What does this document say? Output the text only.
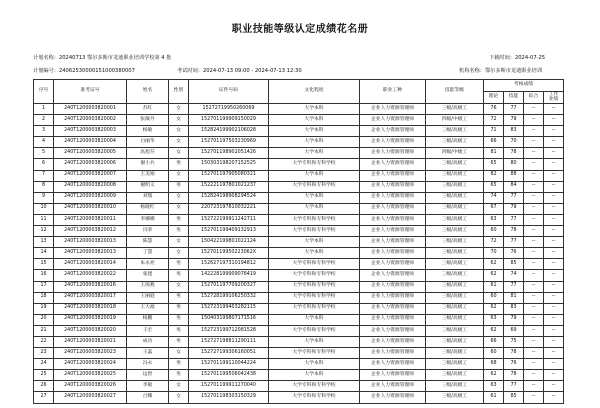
职业技能等级认定成绩花名册
计划名称：20240713 鄂尔多斯市龙迪职业培训学校第 4 批	下载时间：2024-07-25
计划编号：24062530000151000380007	考试时间：2024-07-13 09:00 - 2024-07-13 12:30	机构名称：鄂尔多斯市龙迪职业培训
序号	准考证号	姓名	性别	证件号码	文化程度	职业工种	技能等级	考核成绩			
								理论	技能	综合	工作
业绩
1	240T1200003820001	苏红	女	15272719950260069	大学本科	企业人力资源管理师	三级/高级工	76	77	--	--
2	240T1200003820002	张敏丹	女	152701199909150029	大学本科	企业人力资源管理师	四级/中级工	72	79	--	--
3	240T1200003820003	杨敏	女	152824199902106028	大学本科	企业人力资源管理师	三级/高级工	71	83	--	--
4	240T1200003820004	白丽华	女	152701197503230969	大学本科	企业人力资源管理师	三级/高级工	66	70	--	--
5	240T1200003820005	高旭芬	女	152701198902051426	大学本科	企业人力资源管理师	四级/中级工	81	78	--	--
6	240T1200003820006	谢小兵	男	150303198207152525	大学专科和专科学校	企业人力资源管理师	三级/高级工	65	80	--	--
7	240T1200003820007	王美娟	女	152701197905080321	大学本科	企业人力资源管理师	三级/高级工	82	88	--	--
8	240T1200003820008	谢明义	男	152221197801021237	大学专科和专科学校	企业人力资源管理师	三级/高级工	65	84	--	--
9	240T1200003820009	刘瑞	女	152824198908294524	大学本科	企业人力资源管理师	三级/高级工	74	77	--	--
10	240T1200003820010	杨晓红	女	220723197810032221	大学本科	企业人力资源管理师	三级/高级工	67	79	--	--
11	240T1200003820011	李娜娜	男	152722199911242711	大学专科和专科学校	企业人力资源管理师	三级/高级工	63	77	--	--
12	240T1200003820012	闫荣	男	152701199409132913	大学专科和专科学校	企业人力资源管理师	三级/高级工	60	78	--	--
13	240T1200003820013	陈慧	女	150422199801022124	大学本科	企业人力资源管理师	三级/高级工	72	77	--	--
14	240T1200003820013	丁慧	女	15270119950223062X	大学本科	企业人力资源管理师	三级/高级工	70	76	--	--
15	240T1200003820014	朱永亮	男	152627197310194812	大学专科和专科学校	企业人力资源管理师	三级/高级工	62	85	--	--
16	240T1200003820022	张建	男	142228199909076419	大学专科和专科学校	企业人力资源管理师	三级/高级工	62	74	--	--
17	240T1200003820016	王海燕	女	152701197709200327	大学专科和专科学校	企业人力资源管理师	三级/高级工	61	77	--	--
18	240T1200003820017	王丽庭	男	152728199106250332	大学专科和专科学校	企业人力资源管理师	三级/高级工	60	81	--	--
19	240T1200003820018	王大福	男	152723199403282115	大学专科和专科学校	企业人力资源管理师	三级/高级工	62	83	--	--
20	240T1200003820019	杨鹏	男	150403199807171516	大学本科	企业人力资源管理师	三级/高级工	63	79	--	--
21	240T1200003820020	王宏	男	152723199712081528	大学专科和专科学校	企业人力资源管理师	三级/高级工	62	69	--	--
22	240T1200003820021	成功	男	152727198811290111	大学本科	企业人力资源管理师	三级/高级工	66	75	--	--
23	240T1200003820023	王蕊	女	152727199306160051	大学专科和专科学校	企业人力资源管理师	三级/高级工	60	78	--	--
24	240T1200003820024	冯永	男	152701199110044224	大学本科	企业人力资源管理师	三级/高级工	68	76	--	--
25	240T1200003820025	边智	男	152701199506042438	大学本科	企业人力资源管理师	三级/高级工	62	78	--	--
26	240T1200003820026	李敏	女	152701199911270040	大学专科和专科学校	企业人力资源管理师	三级/高级工	63	77	--	--
27	240T1200003820027	吕娜	女	152701198303150329	大学专科和专科学校	企业人力资源管理师	三级/高级工	61	85	--	--
